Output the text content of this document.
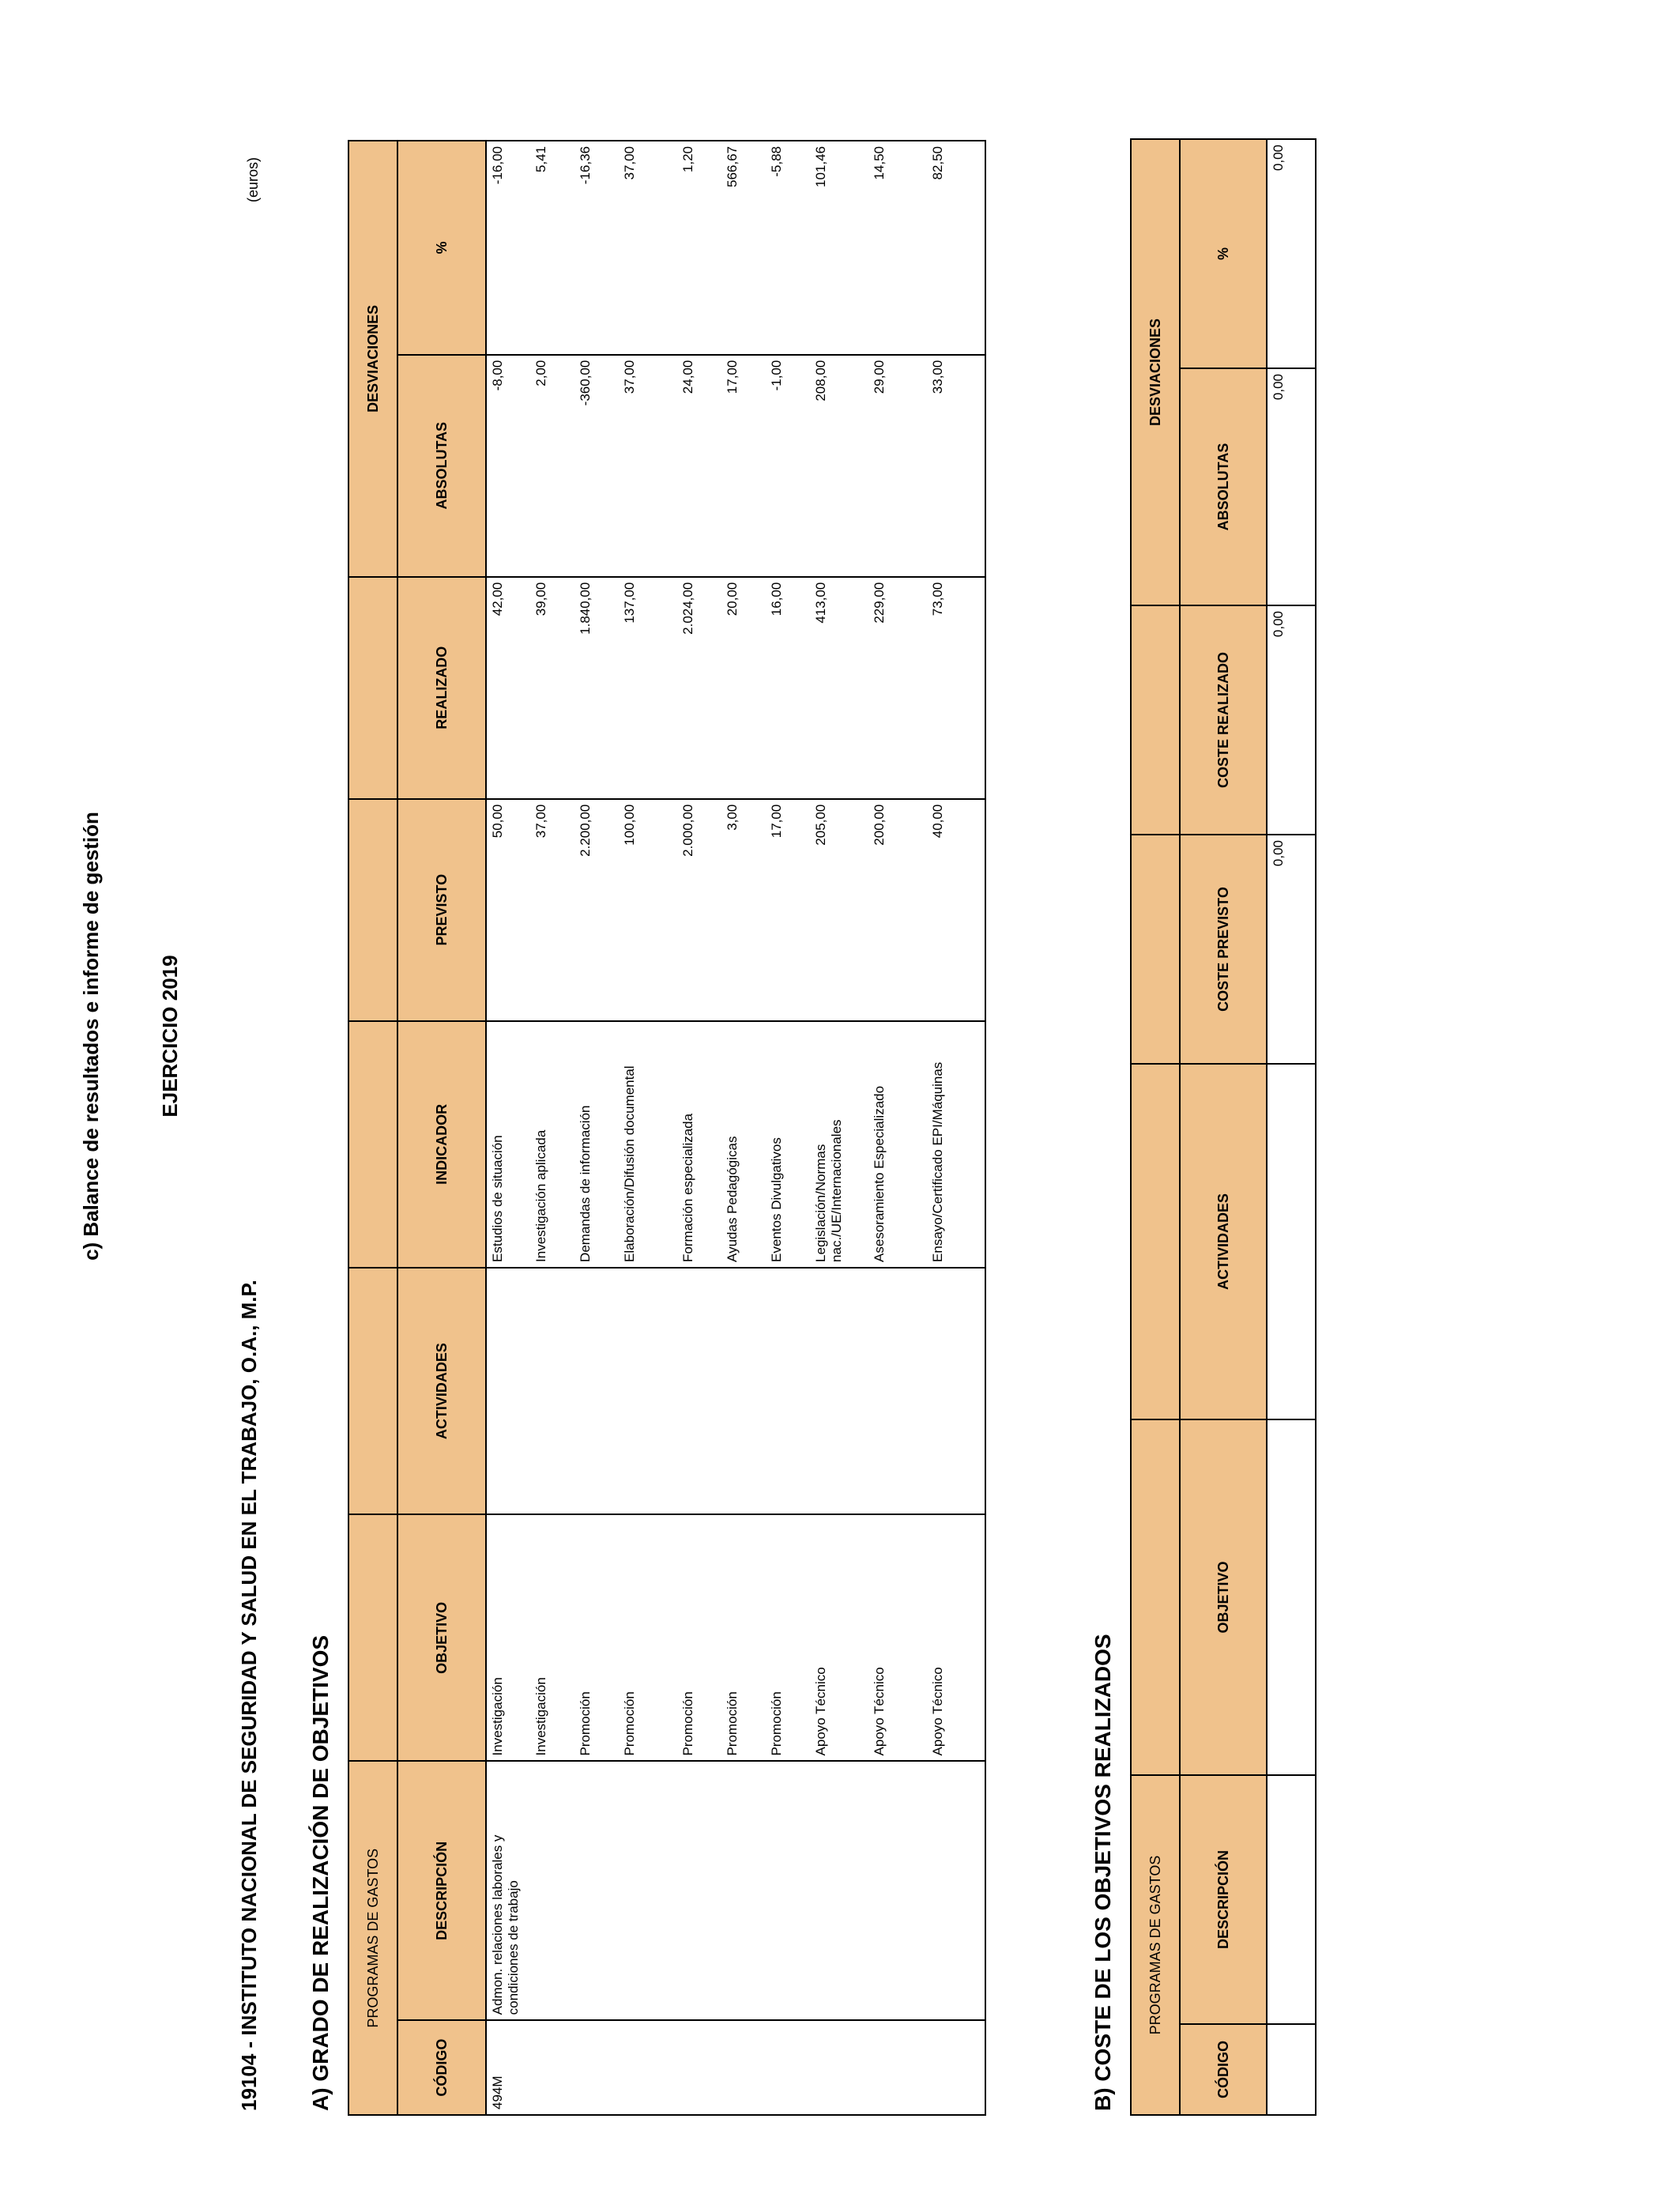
c) Balance de resultados e informe de gestión	EJERCICIO 2019
19104 - INSTITUTO NACIONAL DE SEGURIDAD Y SALUD EN EL TRABAJO, O.A., M.P.
(euros)
A) GRADO DE REALIZACIÓN DE OBJETIVOS PROGRAMAS DE GASTOS							DESVIACIONES	
CÓDIGO	DESCRIPCIÓN	OBJETIVO	ACTIVIDADES	INDICADOR	PREVISTO	REALIZADO	ABSOLUTAS	%
494M	Admon. relaciones laborales y condiciones de trabajo	Investigación		Estudios de situación	50,00	42,00	-8,00	-16,00
		Investigación		Investigación aplicada	37,00	39,00	2,00	5,41
		Promoción		Demandas de información	2.200,00	1.840,00	-360,00	-16,36
		Promoción		Elaboración/Difusión documental	100,00	137,00	37,00	37,00
		Promoción		Formación especializada	2.000,00	2.024,00	24,00	1,20
		Promoción		Ayudas Pedagógicas	3,00	20,00	17,00	566,67
		Promoción		Eventos Divulgativos	17,00	16,00	-1,00	-5,88
		Apoyo Técnico		Legislación/Normas nac./UE/Internacionales	205,00	413,00	208,00	101,46
		Apoyo Técnico		Asesoramiento Especializado	200,00	229,00	29,00	14,50
		Apoyo Técnico		Ensayo/Certificado EPI/Máquinas	40,00	73,00	33,00	82,50
B) COSTE DE LOS OBJETIVOS REALIZADOS PROGRAMAS DE GASTOS						DESVIACIONES	
CÓDIGO	DESCRIPCIÓN	OBJETIVO	ACTIVIDADES	COSTE PREVISTO	COSTE REALIZADO	ABSOLUTAS	%
				0,00	0,00	0,00	0,00
